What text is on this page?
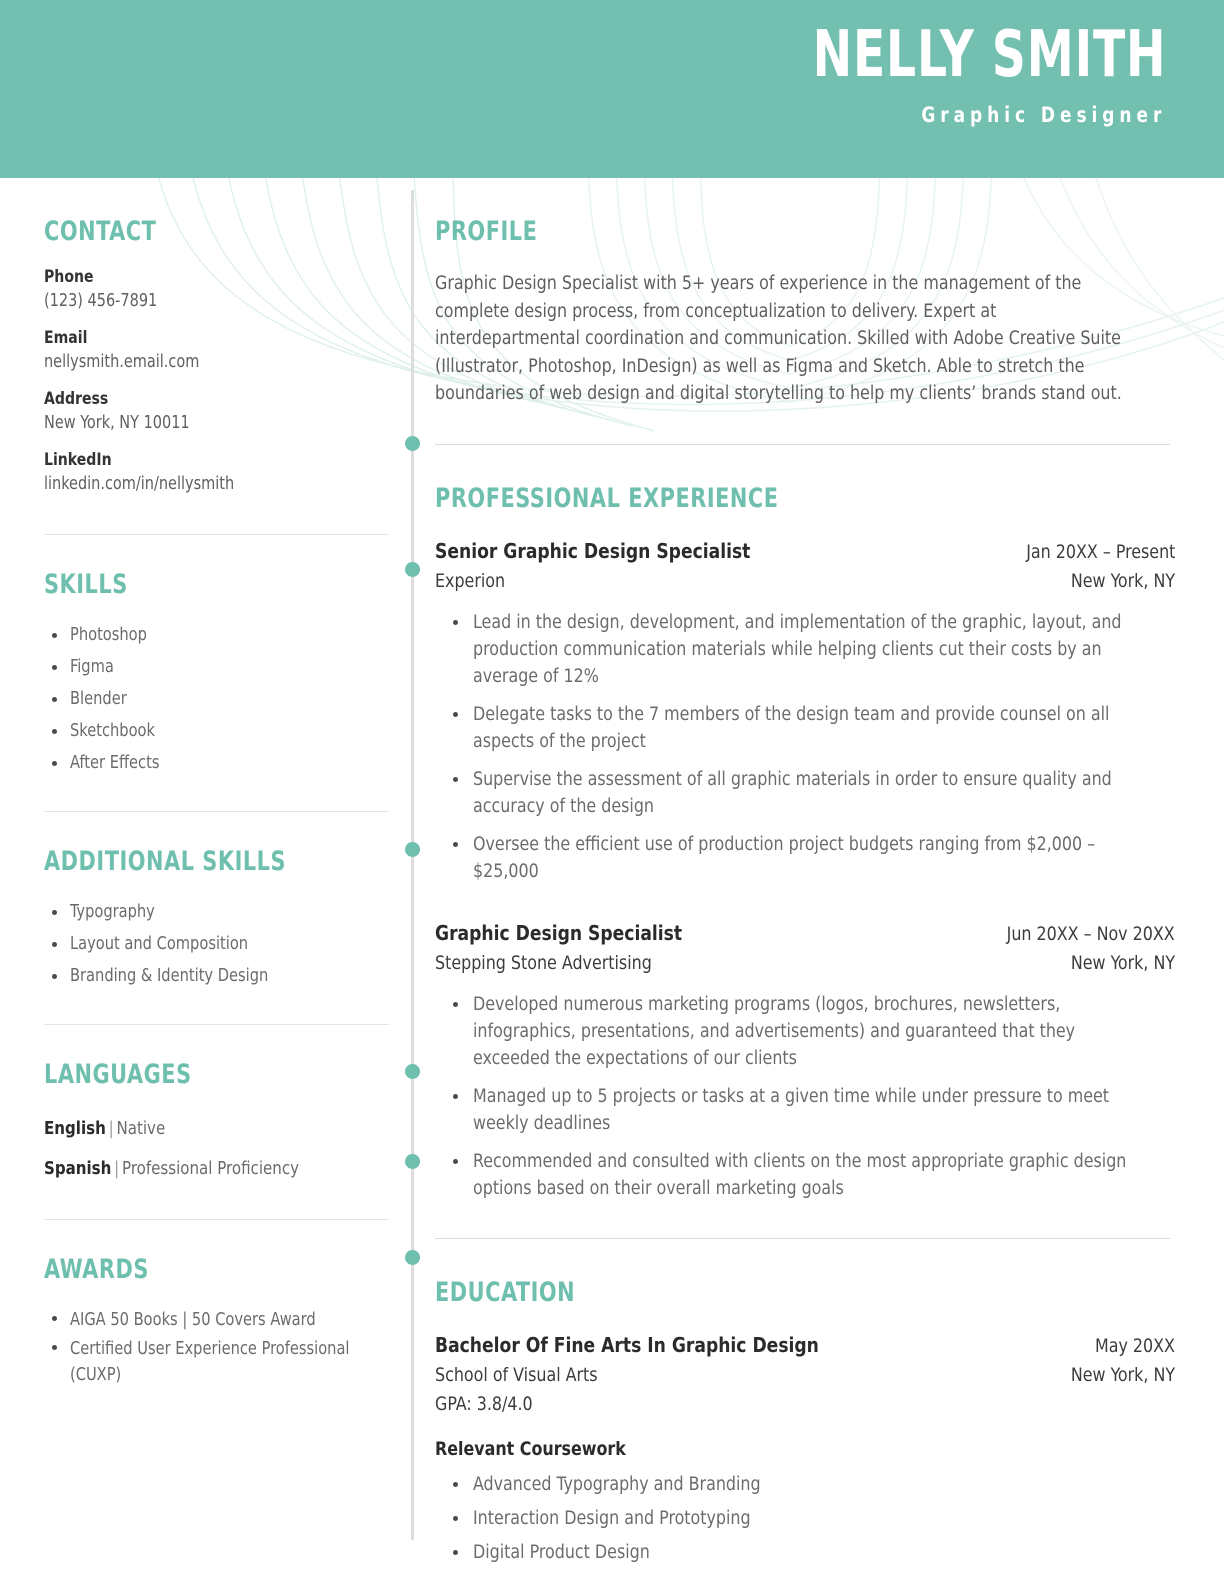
NELLY SMITH
Graphic Designer
CONTACT
Phone
(123) 456-7891
Email
nellysmith.email.com
Address
New York, NY 10011
LinkedIn
linkedin.com/in/nellysmith
SKILLS
Photoshop
Figma
Blender
Sketchbook
After Effects
ADDITIONAL SKILLS
Typography
Layout and Composition
Branding & Identity Design
LANGUAGES
English | Native
Spanish | Professional Proficiency
AWARDS
AIGA 50 Books | 50 Covers Award
Certified User Experience Professional (CUXP)
PROFILE
Graphic Design Specialist with 5+ years of experience in the management of the complete design process, from conceptualization to delivery. Expert at interdepartmental coordination and communication. Skilled with Adobe Creative Suite (Illustrator, Photoshop, InDesign) as well as Figma and Sketch. Able to stretch the boundaries of web design and digital storytelling to help my clients’ brands stand out.
PROFESSIONAL EXPERIENCE
Senior Graphic Design Specialist	Jan 20XX – Present
Experion	New York, NY
Lead in the design, development, and implementation of the graphic, layout, and production communication materials while helping clients cut their costs by an average of 12%
Delegate tasks to the 7 members of the design team and provide counsel on all aspects of the project
Supervise the assessment of all graphic materials in order to ensure quality and accuracy of the design
Oversee the efficient use of production project budgets ranging from $2,000 – $25,000
Graphic Design Specialist	Jun 20XX – Nov 20XX
Stepping Stone Advertising	New York, NY
Developed numerous marketing programs (logos, brochures, newsletters, infographics, presentations, and advertisements) and guaranteed that they exceeded the expectations of our clients
Managed up to 5 projects or tasks at a given time while under pressure to meet weekly deadlines
Recommended and consulted with clients on the most appropriate graphic design options based on their overall marketing goals
EDUCATION
Bachelor Of Fine Arts In Graphic Design	May 20XX
School of Visual Arts	New York, NY
GPA: 3.8/4.0
Relevant Coursework
Advanced Typography and Branding
Interaction Design and Prototyping
Digital Product Design
